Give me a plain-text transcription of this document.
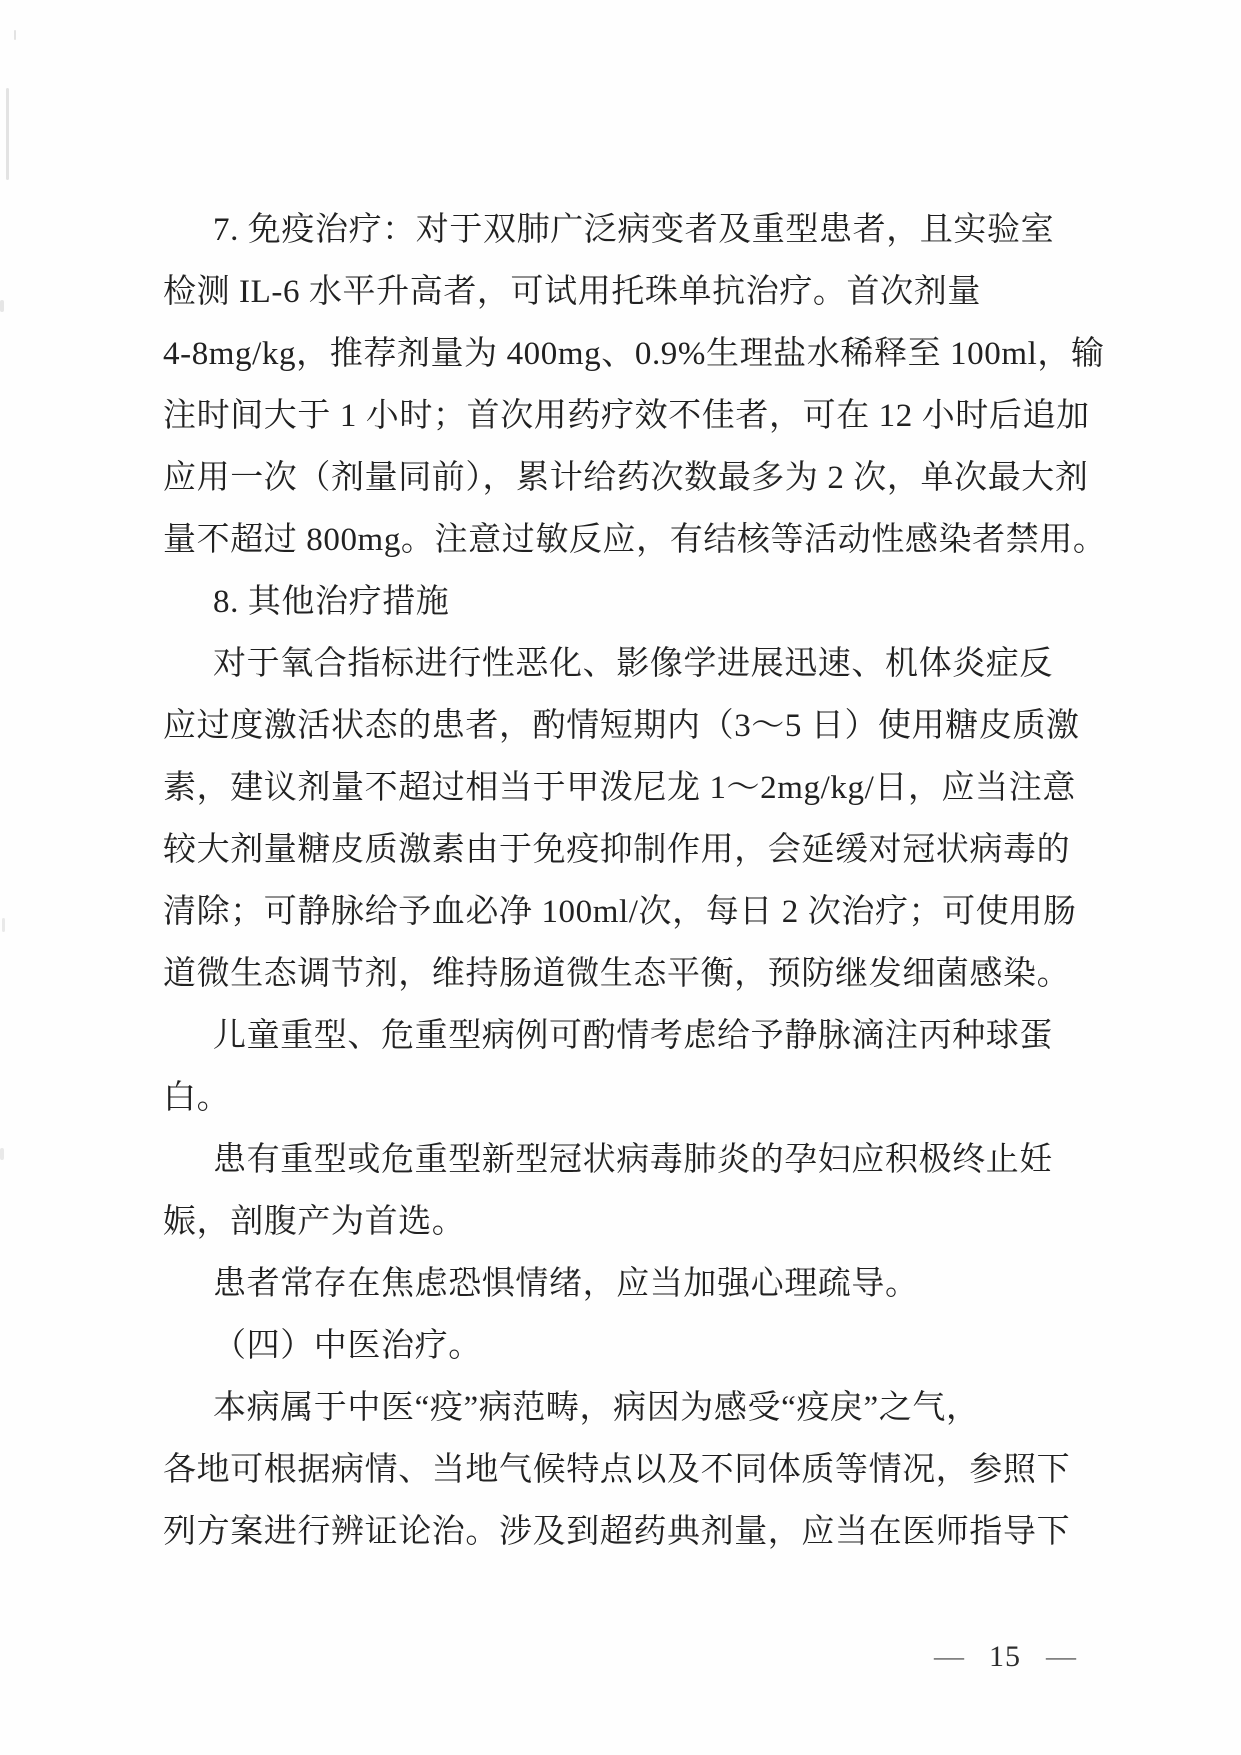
7. 免疫治疗：对于双肺广泛病变者及重型患者，且实验室
检测 IL-6 水平升高者，可试用托珠单抗治疗。首次剂量
4-8mg/kg，推荐剂量为 400mg、0.9%生理盐水稀释至 100ml，输
注时间大于 1 小时；首次用药疗效不佳者，可在 12 小时后追加
应用一次（剂量同前），累计给药次数最多为 2 次，单次最大剂
量不超过 800mg。注意过敏反应，有结核等活动性感染者禁用。
8. 其他治疗措施
对于氧合指标进行性恶化、影像学进展迅速、机体炎症反
应过度激活状态的患者，酌情短期内（3～5 日）使用糖皮质激
素，建议剂量不超过相当于甲泼尼龙 1～2mg/kg/日，应当注意
较大剂量糖皮质激素由于免疫抑制作用，会延缓对冠状病毒的
清除；可静脉给予血必净 100ml/次，每日 2 次治疗；可使用肠
道微生态调节剂，维持肠道微生态平衡，预防继发细菌感染。
儿童重型、危重型病例可酌情考虑给予静脉滴注丙种球蛋
白。
患有重型或危重型新型冠状病毒肺炎的孕妇应积极终止妊
娠，剖腹产为首选。
患者常存在焦虑恐惧情绪，应当加强心理疏导。
（四）中医治疗。
本病属于中医“疫”病范畴，病因为感受“疫戾”之气，
各地可根据病情、当地气候特点以及不同体质等情况，参照下
列方案进行辨证论治。涉及到超药典剂量，应当在医师指导下
— 15 —
